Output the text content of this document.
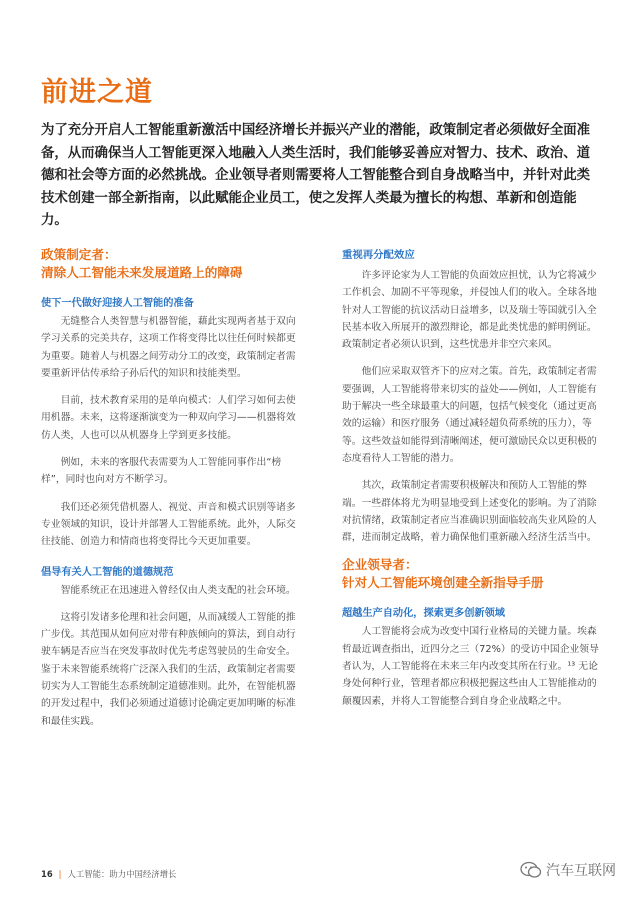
前进之道
为了充分开启人工智能重新激活中国经济增长并振兴产业的潜能，政策制定者必须做好全面准备，从而确保当人工智能更深入地融入人类生活时，我们能够妥善应对智力、技术、政治、道德和社会等方面的必然挑战。企业领导者则需要将人工智能整合到自身战略当中，并针对此类技术创建一部全新指南，以此赋能企业员工，使之发挥人类最为擅长的构想、革新和创造能力。
政策制定者：
清除人工智能未来发展道路上的障碍
使下一代做好迎接人工智能的准备

无缝整合人类智慧与机器智能，藉此实现两者基于双向学习关系的完美共存，这项工作将变得比以往任何时候都更为重要。随着人与机器之间劳动分工的改变，政策制定者需要重新评估传承给子孙后代的知识和技能类型。

目前，技术教育采用的是单向模式：人们学习如何去使用机器。未来，这将逐渐演变为一种双向学习——机器将效仿人类，人也可以从机器身上学到更多技能。

例如，未来的客服代表需要为人工智能同事作出“榜样”，同时也向对方不断学习。

我们还必须凭借机器人、视觉、声音和模式识别等诸多专业领域的知识，设计并部署人工智能系统。此外，人际交往技能、创造力和情商也将变得比今天更加重要。

倡导有关人工智能的道德规范

智能系统正在迅速进入曾经仅由人类支配的社会环境。

这将引发诸多伦理和社会问题，从而减缓人工智能的推广步伐。其范围从如何应对带有种族倾向的算法，到自动行驶车辆是否应当在突发事故时优先考虑驾驶员的生命安全。鉴于未来智能系统将广泛深入我们的生活，政策制定者需要切实为人工智能生态系统制定道德准则。此外，在智能机器的开发过程中，我们必须通过道德讨论确定更加明晰的标准和最佳实践。

重视再分配效应

许多评论家为人工智能的负面效应担忧，认为它将减少工作机会、加剧不平等现象，并侵蚀人们的收入。全球各地针对人工智能的抗议活动日益增多，以及瑞士等国就引入全民基本收入所展开的激烈辩论，都是此类忧患的鲜明例证。政策制定者必须认识到，这些忧患并非空穴来风。

他们应采取双管齐下的应对之策。首先，政策制定者需要强调，人工智能将带来切实的益处——例如，人工智能有助于解决一些全球最重大的问题，包括气候变化（通过更高效的运输）和医疗服务（通过减轻超负荷系统的压力），等等。这些效益如能得到清晰阐述，便可激励民众以更积极的态度看待人工智能的潜力。

其次，政策制定者需要积极解决和预防人工智能的弊端。一些群体将尤为明显地受到上述变化的影响。为了消除对抗情绪，政策制定者应当准确识别面临较高失业风险的人群，进而制定战略，着力确保他们重新融入经济生活当中。

企业领导者：
针对人工智能环境创建全新指导手册
超越生产自动化，探索更多创新领域

人工智能将会成为改变中国行业格局的关键力量。埃森哲最近调查指出，近四分之三（72%）的受访中国企业领导者认为，人工智能将在未来三年内改变其所在行业。¹³ 无论身处何种行业，管理者都应积极把握这些由人工智能推动的颠覆因素，并将人工智能整合到自身企业战略之中。

16 | 人工智能：助力中国经济增长	汽车互联网
